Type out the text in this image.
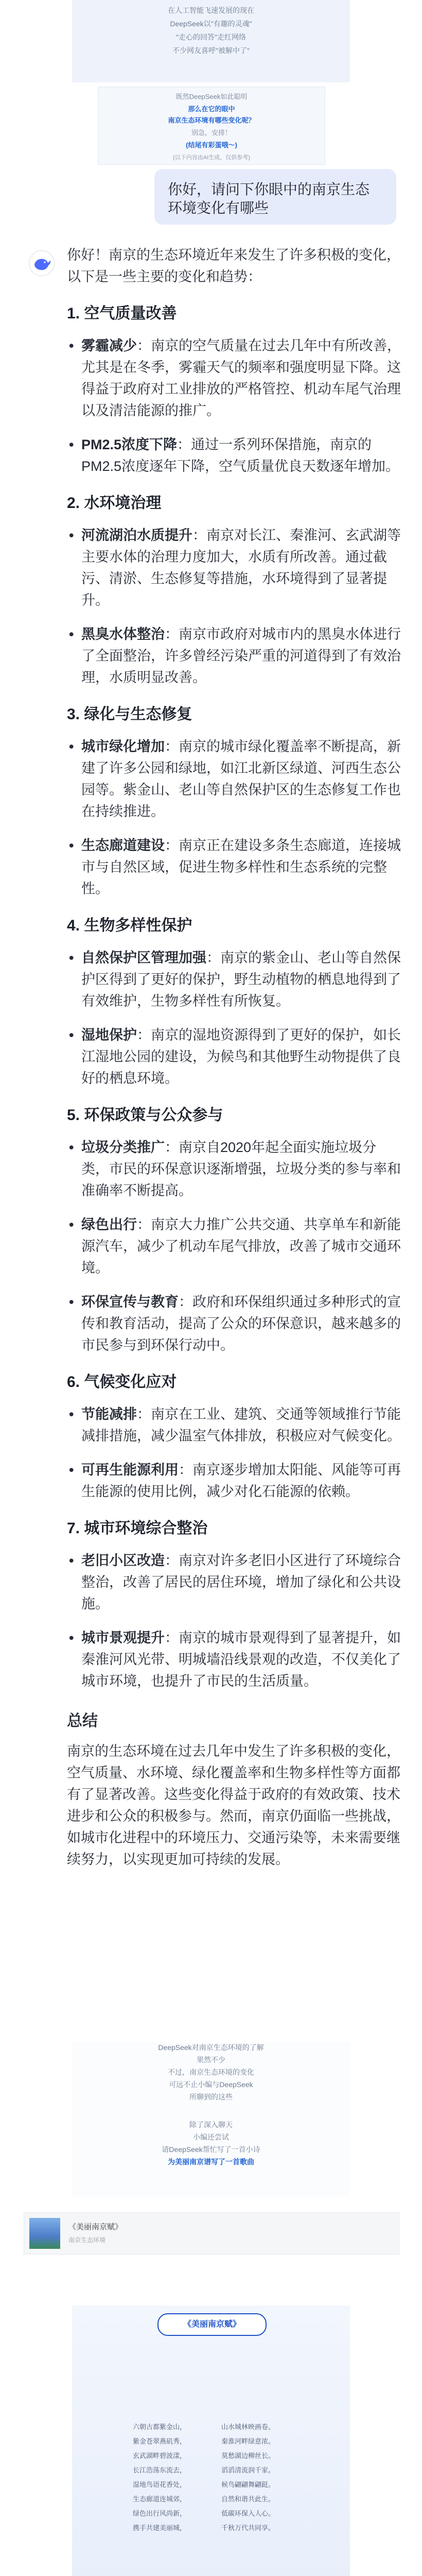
在人工智能飞速发展的现在
DeepSeek以"有趣的灵魂"
"走心的回答"走红网络
不少网友喜呼"被解中了"
既然DeepSeek如此聪明
那么在它的眼中
南京生态环境有哪些变化呢？
别急，安排！
(结尾有彩蛋哦～)
(以下内容由AI生成，仅供参考)
你好，请问下你眼中的南京生态环境变化有哪些

你好！南京的生态环境近年来发生了许多积极的变化，以下是一些主要的变化和趋势：

1. 空气质量改善
• 雾霾减少：南京的空气质量在过去几年中有所改善，尤其是在冬季，雾霾天气的频率和强度明显下降。这得益于政府对工业排放的严格管控、机动车尾气治理以及清洁能源的推广。
• PM2.5浓度下降：通过一系列环保措施，南京的PM2.5浓度逐年下降，空气质量优良天数逐年增加。
2. 水环境治理
• 河流湖泊水质提升：南京对长江、秦淮河、玄武湖等主要水体的治理力度加大，水质有所改善。通过截污、清淤、生态修复等措施，水环境得到了显著提升。
• 黑臭水体整治：南京市政府对城市内的黑臭水体进行了全面整治，许多曾经污染严重的河道得到了有效治理，水质明显改善。
3. 绿化与生态修复
• 城市绿化增加：南京的城市绿化覆盖率不断提高，新建了许多公园和绿地，如江北新区绿道、河西生态公园等。紫金山、老山等自然保护区的生态修复工作也在持续推进。
• 生态廊道建设：南京正在建设多条生态廊道，连接城市与自然区域，促进生物多样性和生态系统的完整性。
4. 生物多样性保护
• 自然保护区管理加强：南京的紫金山、老山等自然保护区得到了更好的保护，野生动植物的栖息地得到了有效维护，生物多样性有所恢复。
• 湿地保护：南京的湿地资源得到了更好的保护，如长江湿地公园的建设，为候鸟和其他野生动物提供了良好的栖息环境。
5. 环保政策与公众参与
• 垃圾分类推广：南京自2020年起全面实施垃圾分类，市民的环保意识逐渐增强，垃圾分类的参与率和准确率不断提高。
• 绿色出行：南京大力推广公共交通、共享单车和新能源汽车，减少了机动车尾气排放，改善了城市交通环境。
• 环保宣传与教育：政府和环保组织通过多种形式的宣传和教育活动，提高了公众的环保意识，越来越多的市民参与到环保行动中。
6. 气候变化应对
• 节能减排：南京在工业、建筑、交通等领域推行节能减排措施，减少温室气体排放，积极应对气候变化。
• 可再生能源利用：南京逐步增加太阳能、风能等可再生能源的使用比例，减少对化石能源的依赖。
7. 城市环境综合整治
• 老旧小区改造：南京对许多老旧小区进行了环境综合整治，改善了居民的居住环境，增加了绿化和公共设施。
• 城市景观提升：南京的城市景观得到了显著提升，如秦淮河风光带、明城墙沿线景观的改造，不仅美化了城市环境，也提升了市民的生活质量。
总结

南京的生态环境在过去几年中发生了许多积极的变化，空气质量、水环境、绿化覆盖率和生物多样性等方面都有了显著改善。这些变化得益于政府的有效政策、技术进步和公众的积极参与。然而，南京仍面临一些挑战，如城市化进程中的环境压力、交通污染等，未来需要继续努力，以实现更加可持续的发展。

DeepSeek对南京生态环境的了解
果然不少
不过，南京生态环境的变化
可远不止小编与DeepSeek
所聊到的这些
除了深入聊天
小编还尝试
请DeepSeek帮忙写了一首小诗
为美丽南京谱写了一首歌曲
《美丽南京赋》
南京生态环境
《美丽南京赋》
六朝古都紫金山，	山水城林映画卷。
紫金苍翠燕矶秀，	秦淮河畔绿意浓。
玄武湖畔碧波漾，	莫愁湖边柳丝长。
长江浩荡东流去，	滔滔清流润千家。
湿地鸟语花香处，	候鸟翩翩舞翩跹。
生态廊道连城郊，	自然和谐共此生。
绿色出行风尚新，	低碳环保入人心。
携手共建美丽城，	千秋万代共同享。
